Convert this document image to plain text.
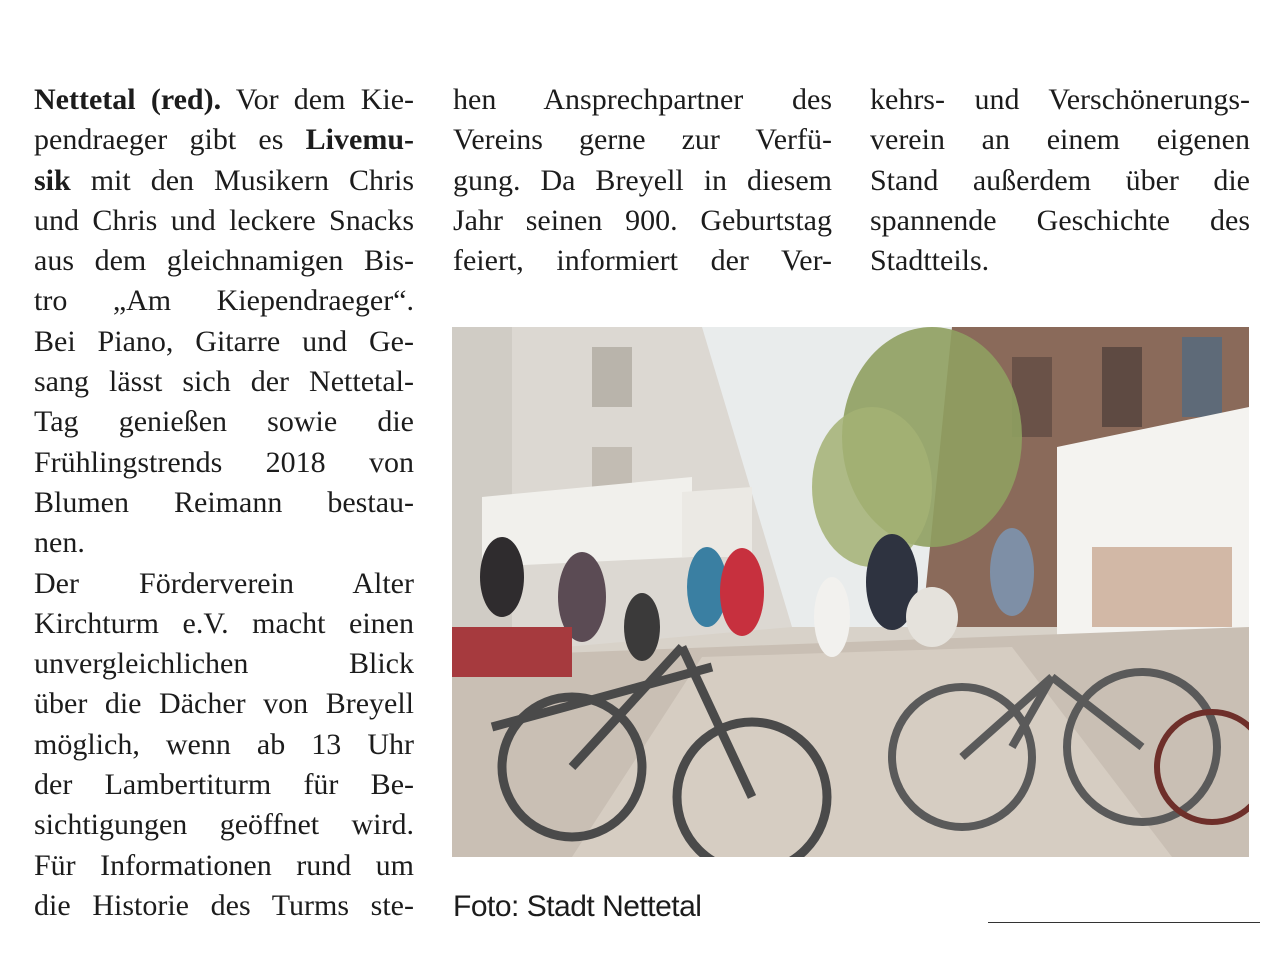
Nettetal (red). Vor dem Kie-
pendraeger gibt es Livemu-
sik mit den Musikern Chris
und Chris und leckere Snacks
aus dem gleichnamigen Bis-
tro „Am Kiependraeger“.
Bei Piano, Gitarre und Ge-
sang lässt sich der Nettetal-
Tag genießen sowie die
Frühlingstrends 2018 von
Blumen Reimann bestau-
nen.
Der Förderverein Alter
Kirchturm e.V. macht einen
unvergleichlichen Blick
über die Dächer von Breyell
möglich, wenn ab 13 Uhr
der Lambertiturm für Be-
sichtigungen geöffnet wird.
Für Informationen rund um
die Historie des Turms ste-
hen Ansprechpartner des
Vereins gerne zur Verfü-
gung. Da Breyell in diesem
Jahr seinen 900. Geburtstag
feiert, informiert der Ver-
kehrs- und Verschönerungs-
verein an einem eigenen
Stand außerdem über die
spannende Geschichte des
Stadtteils.
Foto: Stadt Nettetal
